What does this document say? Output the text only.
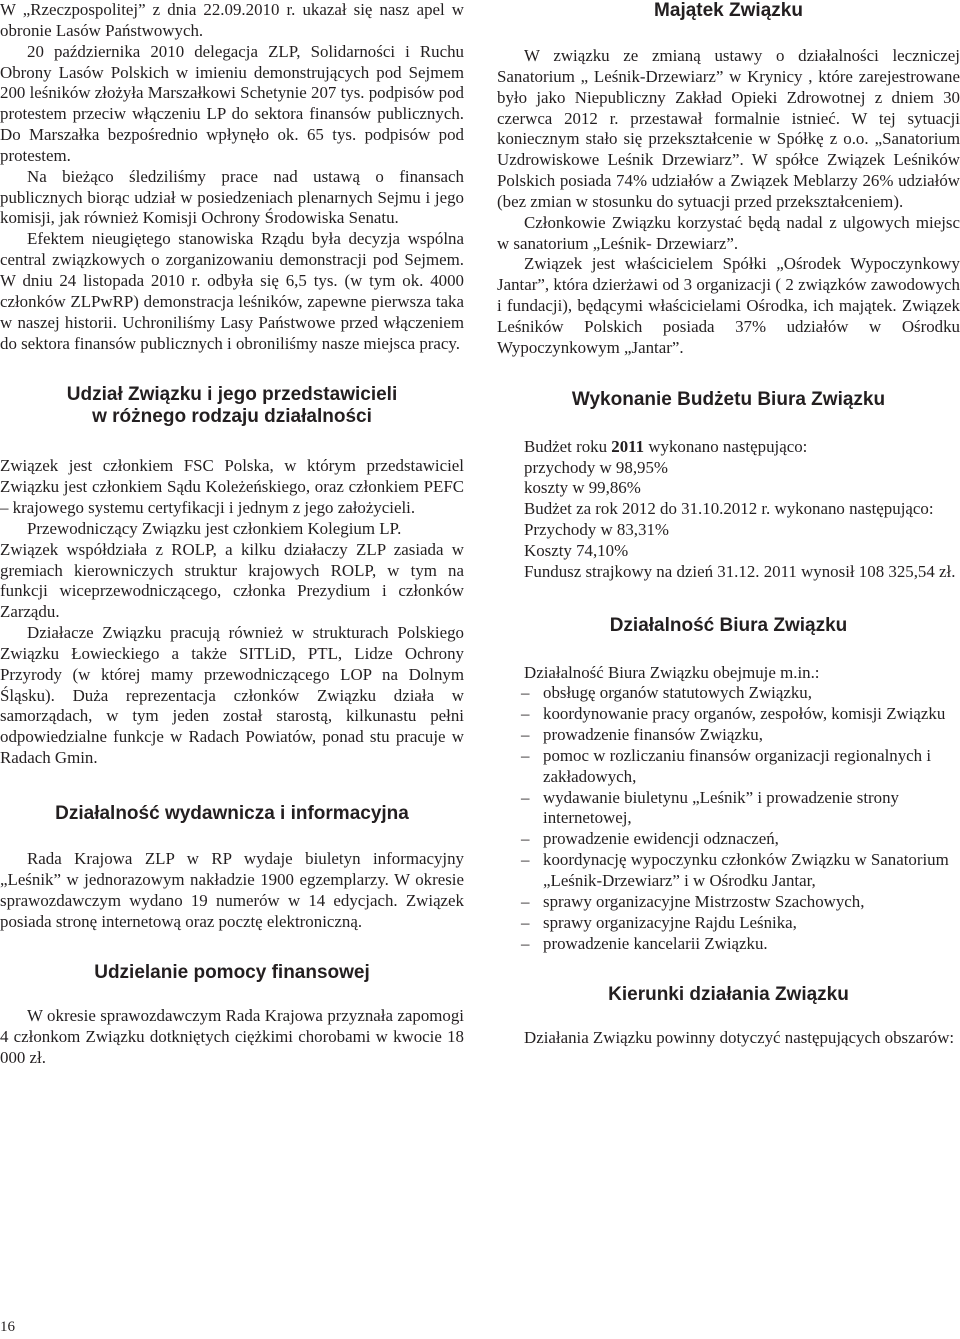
W „Rzeczpospolitej” z dnia 22.09.2010 r. ukazał się nasz apel w obronie Lasów Państwowych.

20 października 2010 delegacja ZLP, Solidarności i Ruchu Obrony Lasów Polskich w imieniu demonstrujących pod Sejmem 200 leśników złożyła Marszałkowi Schetynie 207 tys. podpisów pod protestem przeciw włączeniu LP do sektora finansów publicznych. Do Marszałka bezpośrednio wpłynęło ok. 65 tys. podpisów pod protestem.

Na bieżąco śledziliśmy prace nad ustawą o finansach publicznych biorąc udział w posiedzeniach plenarnych Sejmu i jego komisji, jak również Komisji Ochrony Środowiska Senatu.

Efektem nieugiętego stanowiska Rządu była decyzja wspólna central związkowych o zorganizowaniu demonstracji pod Sejmem. W dniu 24 listopada 2010 r. odbyła się 6,5 tys. (w tym ok. 4000 członków ZLPwRP) demonstracja leśników, zapewne pierwsza taka w naszej historii. Uchroniliśmy Lasy Państwowe przed włączeniem do sektora finansów publicznych i obroniliśmy nasze miejsca pracy.

Udział Związku i jego przedstawicieli

w różnego rodzaju działalności

Związek jest członkiem FSC Polska, w którym przedstawiciel Związku jest członkiem Sądu Koleżeńskiego, oraz członkiem PEFC – krajowego systemu certyfikacji i jednym z jego założycieli.

Przewodniczący Związku jest członkiem Kolegium LP.

Związek współdziała z ROLP, a kilku działaczy ZLP zasiada w gremiach kierowniczych struktur krajowych ROLP, w tym na funkcji wiceprzewodniczącego, członka Prezydium i członków Zarządu.

Działacze Związku pracują również w strukturach Polskiego Związku Łowieckiego a także SITLiD, PTL, Lidze Ochrony Przyrody (w której mamy przewodniczącego LOP na Dolnym Śląsku). Duża reprezentacja członków Związku działa w samorządach, w tym jeden został starostą, kilkunastu pełni odpowiedzialne funkcje w Radach Powiatów, ponad stu pracuje w Radach Gmin.

Działalność wydawnicza i informacyjna

Rada Krajowa ZLP w RP wydaje biuletyn informacyjny „Leśnik” w jednorazowym nakładzie 1900 egzemplarzy. W okresie sprawozdawczym wydano 19 numerów w 14 edycjach. Związek posiada stronę internetową oraz pocztę elektroniczną.

Udzielanie pomocy finansowej

W okresie sprawozdawczym Rada Krajowa przyznała zapomogi 4 członkom Związku dotkniętych ciężkimi chorobami w kwocie 18 000 zł.

Majątek Związku

W związku ze zmianą ustawy o działalności leczniczej Sanatorium „ Leśnik-Drzewiarz” w Krynicy , które zarejestrowane było jako Niepubliczny Zakład Opieki Zdrowotnej z dniem 30 czerwca 2012 r. przestawał formalnie istnieć. W tej sytuacji koniecznym stało się przekształcenie w Spółkę z o.o. „Sanatorium Uzdrowiskowe Leśnik Drzewiarz”. W spółce Związek Leśników Polskich posiada 74% udziałów a Związek Meblarzy 26% udziałów (bez zmian w stosunku do sytuacji przed przekształceniem).

Członkowie Związku korzystać będą nadal z ulgowych miejsc w sanatorium „Leśnik- Drzewiarz”.

Związek jest właścicielem Spółki „Ośrodek Wypoczynkowy Jantar”, która dzierżawi od 3 organizacji ( 2 związków zawodowych i fundacji), będącymi właścicielami Ośrodka, ich majątek. Związek Leśników Polskich posiada 37% udziałów w Ośrodku Wypoczynkowym „Jantar”.

Wykonanie Budżetu Biura Związku

Budżet roku 2011 wykonano następująco:

przychody w 98,95%

koszty w 99,86%

Budżet za rok 2012 do 31.10.2012 r. wykonano następująco:

Przychody w 83,31%

Koszty 74,10%

Fundusz strajkowy na dzień 31.12. 2011 wynosił 108 325,54 zł.

Działalność Biura Związku

Działalność Biura Związku obejmuje m.in.:

– obsługę organów statutowych Związku,
– koordynowanie pracy organów, zespołów, komisji Związku
– prowadzenie finansów Związku,
– pomoc w rozliczaniu finansów organizacji regionalnych i zakładowych,
– wydawanie biuletynu „Leśnik” i prowadzenie strony internetowej,
– prowadzenie ewidencji odznaczeń,
– koordynację wypoczynku członków Związku w Sanatorium „Leśnik-Drzewiarz” i w Ośrodku Jantar,
– sprawy organizacyjne Mistrzostw Szachowych,
– sprawy organizacyjne Rajdu Leśnika,
– prowadzenie kancelarii Związku.

Kierunki działania Związku

Działania Związku powinny dotyczyć następujących obszarów:

16
